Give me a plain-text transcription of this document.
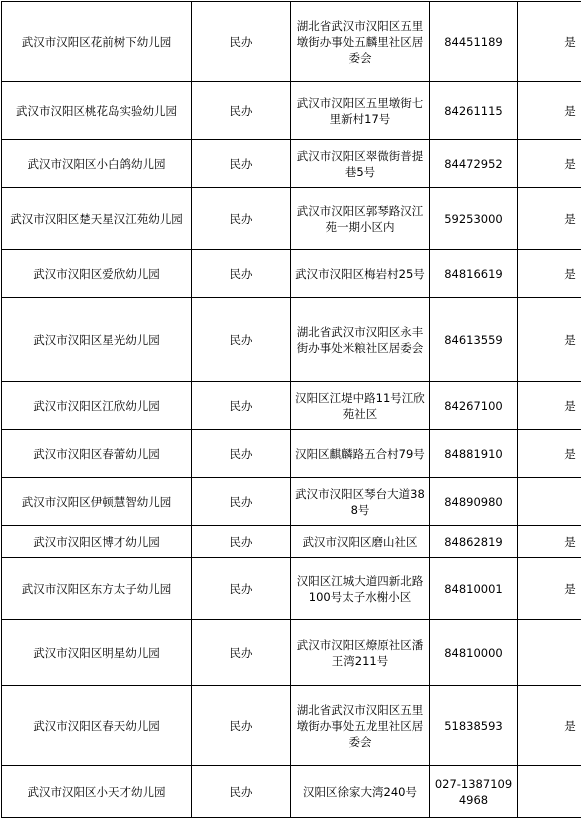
武汉市汉阳区花前树下幼儿园	民办	湖北省武汉市汉阳区五里墩街办事处五麟里社区居委会	84451189	是
武汉市汉阳区桃花岛实验幼儿园	民办	武汉市汉阳区五里墩街七里新村17号	84261115	是
武汉市汉阳区小白鸽幼儿园	民办	武汉市汉阳区翠微街普提巷5号	84472952	是
武汉市汉阳区楚天星汉江苑幼儿园	民办	武汉市汉阳区郭琴路汉江苑一期小区内	59253000	是
武汉市汉阳区爱欣幼儿园	民办	武汉市汉阳区梅岩村25号	84816619	是
武汉市汉阳区星光幼儿园	民办	湖北省武汉市汉阳区永丰街办事处米粮社区居委会	84613559	是
武汉市汉阳区江欣幼儿园	民办	汉阳区江堤中路11号江欣苑社区	84267100	是
武汉市汉阳区春蕾幼儿园	民办	汉阳区麒麟路五合村79号	84881910	是
武汉市汉阳区伊顿慧智幼儿园	民办	武汉市汉阳区琴台大道388号	84890980	
武汉市汉阳区博才幼儿园	民办	武汉市汉阳区磨山社区	84862819	是
武汉市汉阳区东方太子幼儿园	民办	汉阳区江城大道四新北路100号太子水榭小区	84810001	是
武汉市汉阳区明星幼儿园	民办	武汉市汉阳区燎原社区潘王湾211号	84810000	
武汉市汉阳区春天幼儿园	民办	湖北省武汉市汉阳区五里墩街办事处五龙里社区居委会	51838593	是
武汉市汉阳区小天才幼儿园	民办	汉阳区徐家大湾240号	027-13871094968	
